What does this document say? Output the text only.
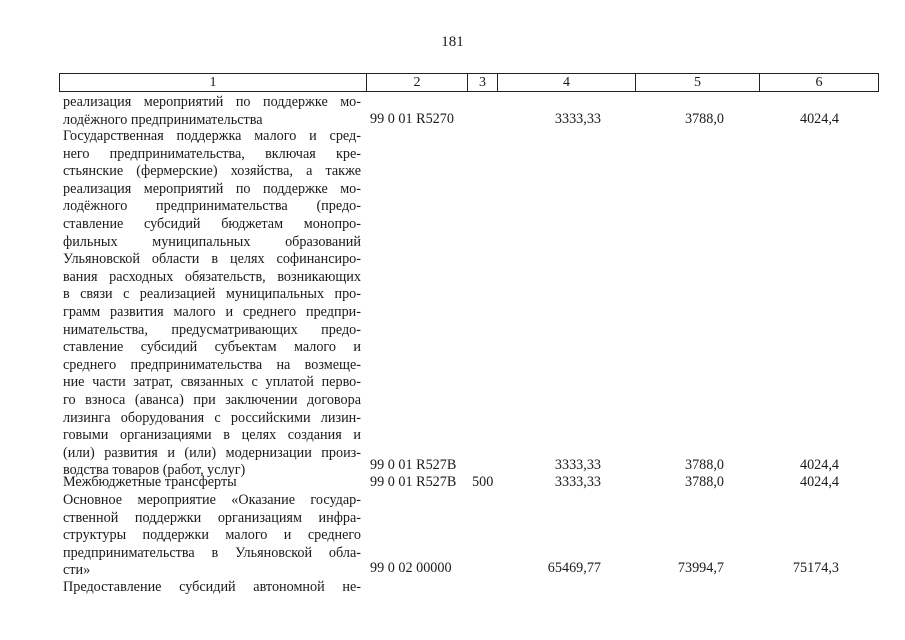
181
1	2	3	4	5	6
реализация мероприятий по поддержке мо-
лодёжного предпринимательства	99 0 01 R5270	3333,33	3788,0	4024,4
Государственная поддержка малого и сред-
него предпринимательства, включая кре-
стьянские (фермерские) хозяйства, а также
реализация мероприятий по поддержке мо-
лодёжного предпринимательства (предо-
ставление субсидий бюджетам монопро-
фильных муниципальных образований
Ульяновской области в целях софинансиро-
вания расходных обязательств, возникающих
в связи с реализацией муниципальных про-
грамм развития малого и среднего предпри-
нимательства, предусматривающих предо-
ставление субсидий субъектам малого и
среднего предпринимательства на возмеще-
ние части затрат, связанных с уплатой перво-
го взноса (аванса) при заключении договора
лизинга оборудования с российскими лизин-
говыми организациями в целях создания и
(или) развития и (или) модернизации произ-
водства товаров (работ, услуг)	99 0 01 R527B	3333,33	3788,0	4024,4
Межбюджетные трансферты	99 0 01 R527B 500	3333,33	3788,0	4024,4
Основное мероприятие «Оказание государ-
ственной поддержки организациям инфра-
структуры поддержки малого и среднего
предпринимательства в Ульяновской обла-
сти»	99 0 02 00000	65469,77	73994,7	75174,3
Предоставление субсидий автономной не-
